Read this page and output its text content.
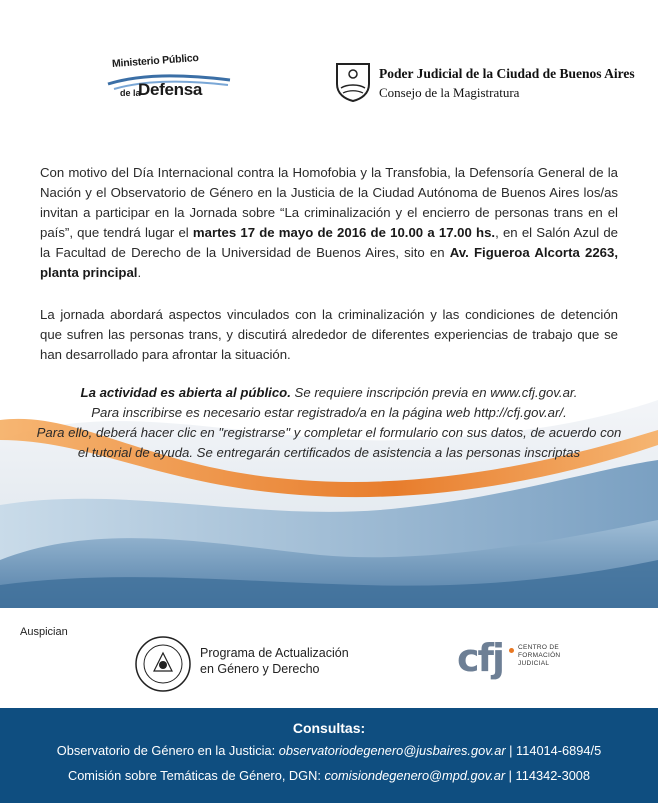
Ministerio Público
de la
Defensa
Poder Judicial de la Ciudad de Buenos Aires
Consejo de la Magistratura
Con motivo del Día Internacional contra la Homofobia y la Transfobia, la Defensoría General de la Nación y el Observatorio de Género en la Justicia de la Ciudad Autónoma de Buenos Aires los/as invitan a participar en la Jornada sobre “La criminalización y el encierro de personas trans en el país”, que tendrá lugar el martes 17 de mayo de 2016 de 10.00 a 17.00 hs., en el Salón Azul de la Facultad de Derecho de la Universidad de Buenos Aires, sito en Av. Figueroa Alcorta 2263, planta principal.
La jornada abordará aspectos vinculados con la criminalización y las condiciones de detención que sufren las personas trans, y discutirá alrededor de diferentes experiencias de trabajo que se han desarrollado para afrontar la situación.
La actividad es abierta al público. Se requiere inscripción previa en www.cfj.gov.ar.
Para inscribirse es necesario estar registrado/a en la página web http://cfj.gov.ar/.
Para ello, deberá hacer clic en "registrarse" y completar el formulario con sus datos, de acuerdo con el tutorial de ayuda. Se entregarán certificados de asistencia a las personas inscriptas
Auspician
Programa de Actualización
en Género y Derecho	cfj CENTRO DE
FORMACIÓN
JUDICIAL
Consultas:
Observatorio de Género en la Justicia: observatoriodegenero@jusbaires.gov.ar | 114014-6894/5
Comisión sobre Temáticas de Género, DGN: comisiondegenero@mpd.gov.ar | 114342-3008
